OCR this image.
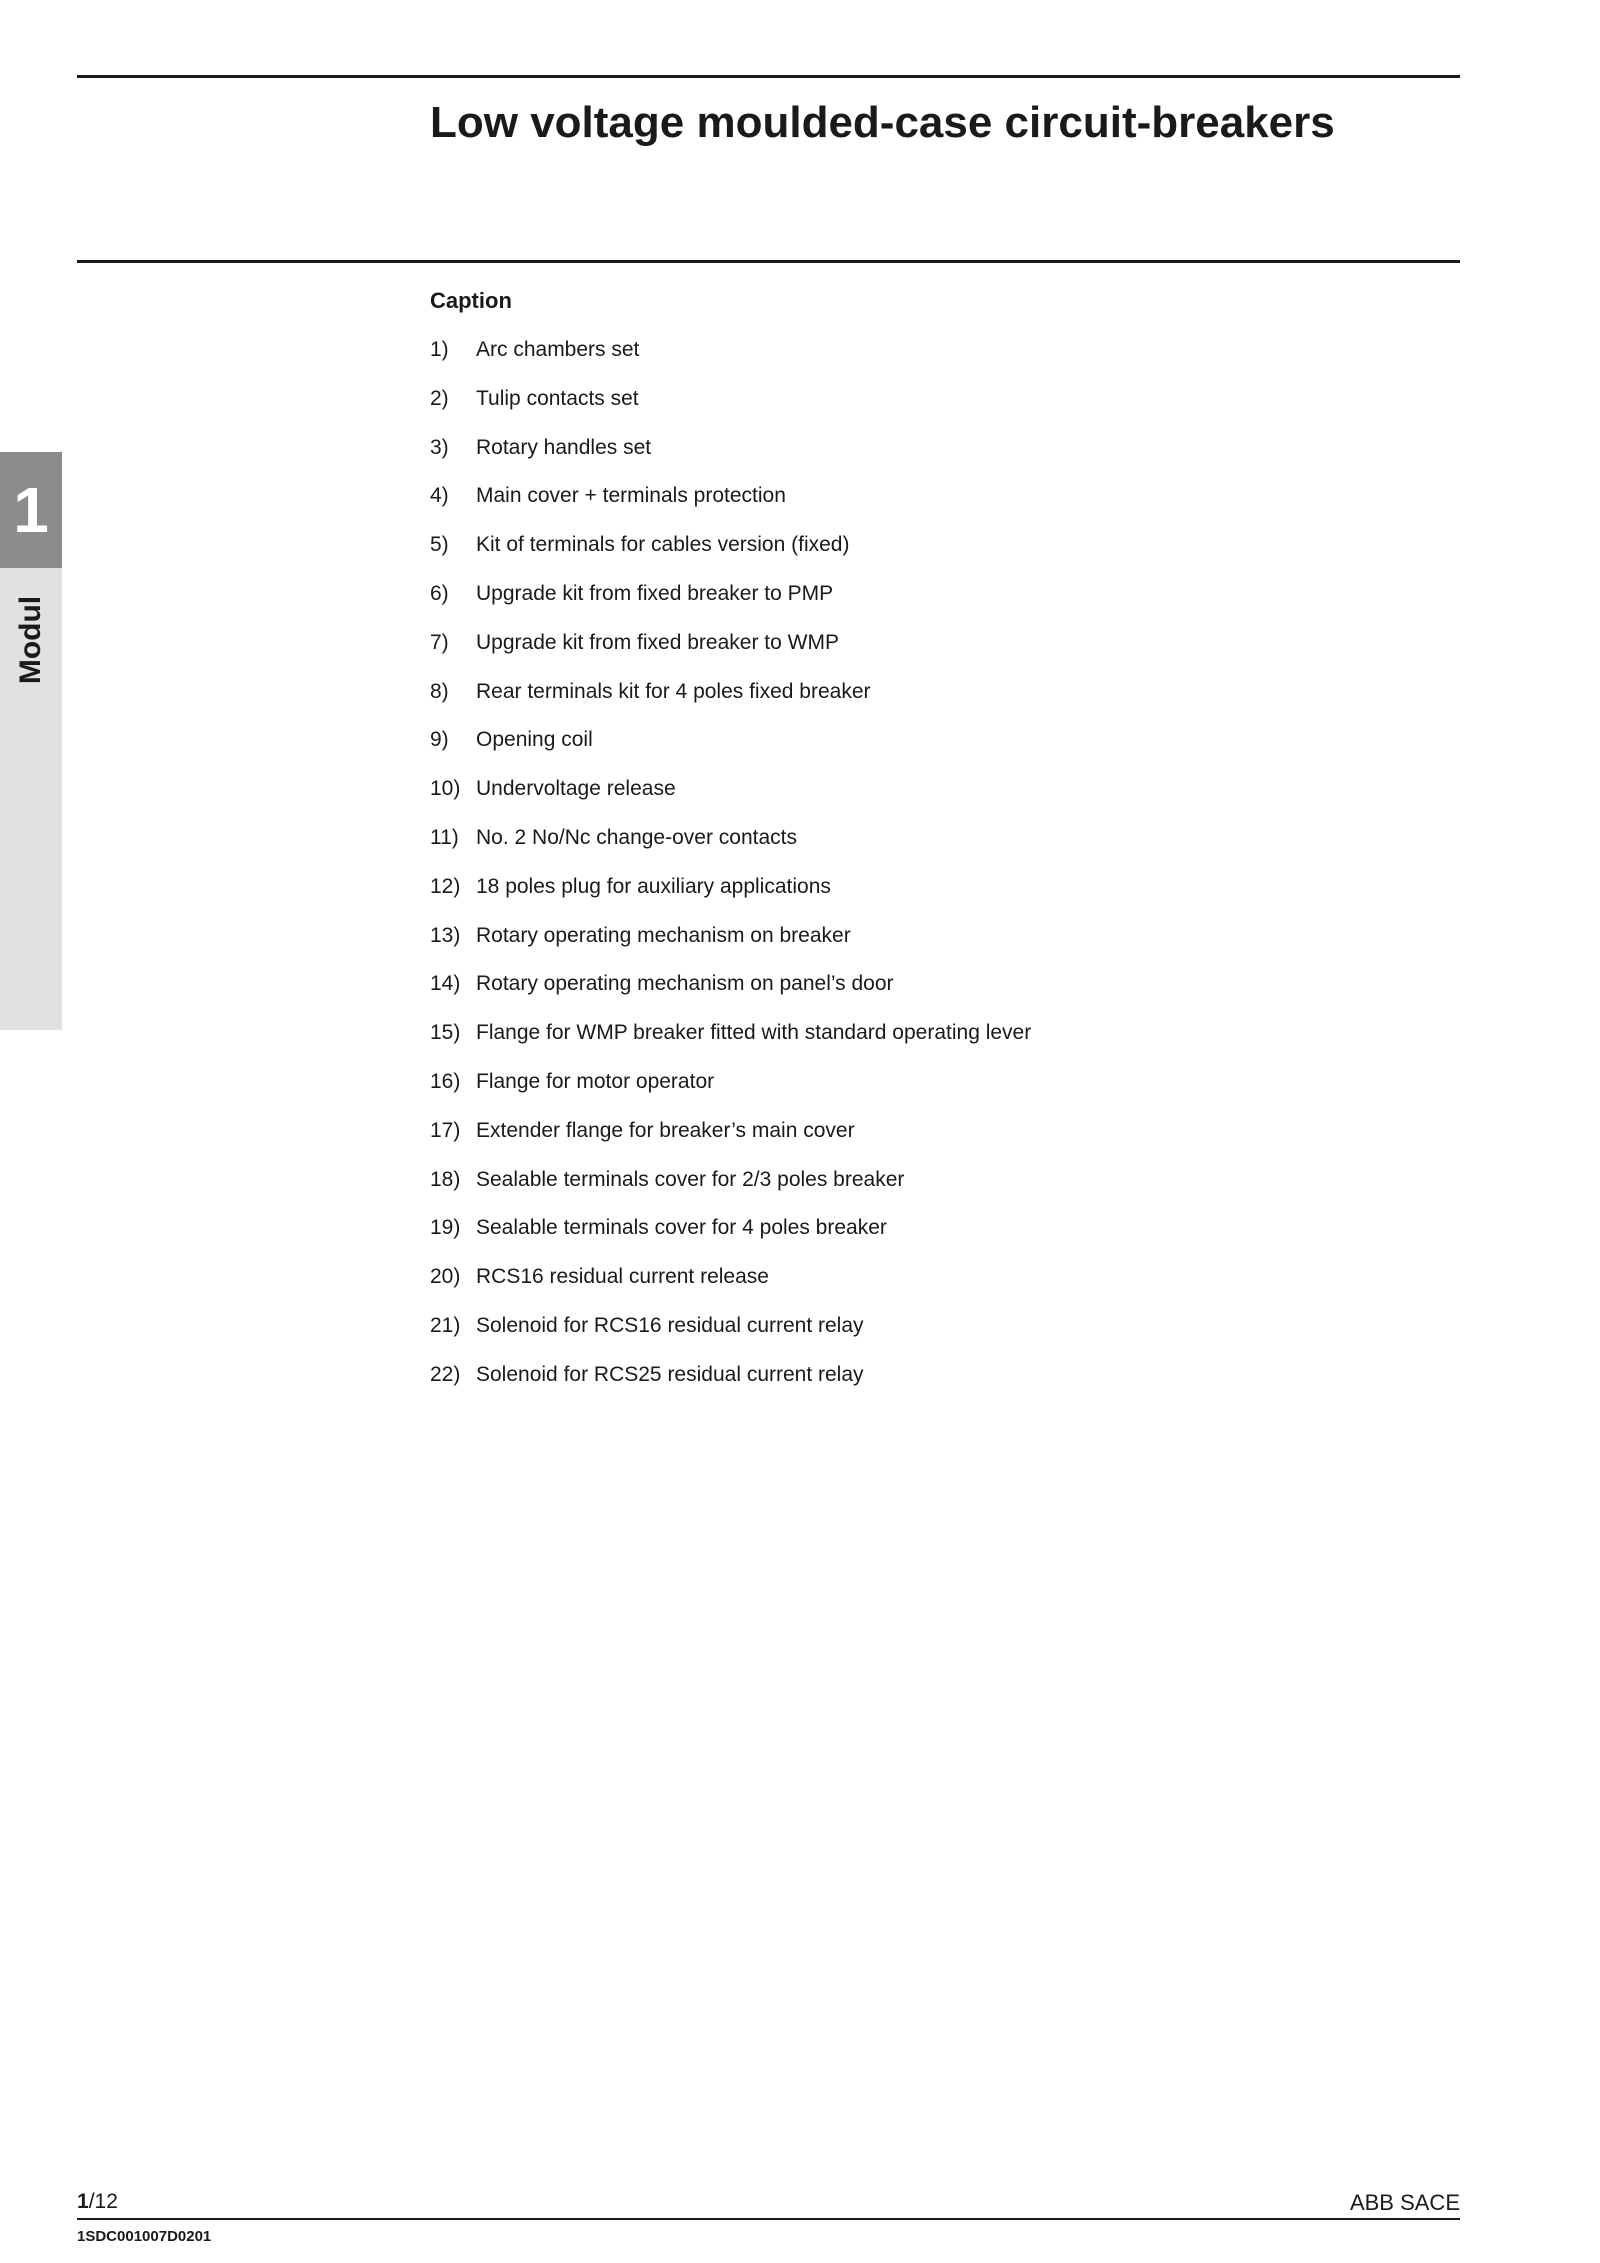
Low voltage moulded-case circuit-breakers
1
Modul
Caption
1)	Arc chambers set
2)	Tulip contacts set
3)	Rotary handles set
4)	Main cover + terminals protection
5)	Kit of terminals for cables version (fixed)
6)	Upgrade kit from fixed breaker to PMP
7)	Upgrade kit from fixed breaker to WMP
8)	Rear terminals kit for 4 poles fixed breaker
9)	Opening coil
10) Undervoltage release
11) No. 2 No/Nc change-over contacts
12) 18 poles plug for auxiliary applications
13) Rotary operating mechanism on breaker
14) Rotary operating mechanism on panel’s door
15) Flange for WMP breaker fitted with standard operating lever
16) Flange for motor operator
17) Extender flange for breaker’s main cover
18) Sealable terminals cover for 2/3 poles breaker
19) Sealable terminals cover for 4 poles breaker
20) RCS16 residual current release
21) Solenoid for RCS16 residual current relay
22) Solenoid for RCS25 residual current relay
1/12	ABB SACE
1SDC001007D0201
